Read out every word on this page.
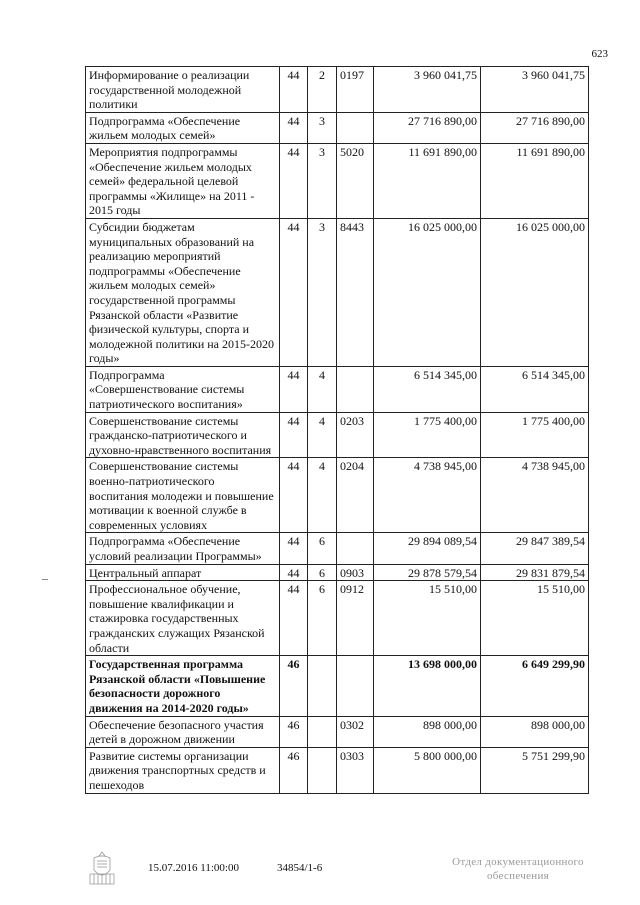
623
Информирование о реализации государственной молодежной политики	44	2	0197	3 960 041,75	3 960 041,75
Подпрограмма «Обеспечение жильем молодых семей»	44	3		27 716 890,00	27 716 890,00
Мероприятия подпрограммы «Обеспечение жильем молодых семей» федеральной целевой программы «Жилище» на 2011 - 2015 годы	44	3	5020	11 691 890,00	11 691 890,00
Субсидии бюджетам муниципальных образований на реализацию мероприятий подпрограммы «Обеспечение жильем молодых семей» государственной программы Рязанской области «Развитие физической культуры, спорта и молодежной политики на 2015-2020 годы»	44	3	8443	16 025 000,00	16 025 000,00
Подпрограмма «Совершенствование системы патриотического воспитания»	44	4		6 514 345,00	6 514 345,00
Совершенствование системы гражданско-патриотического и духовно-нравственного воспитания	44	4	0203	1 775 400,00	1 775 400,00
Совершенствование системы военно-патриотического воспитания молодежи и повышение мотивации к военной службе в современных условиях	44	4	0204	4 738 945,00	4 738 945,00
Подпрограмма «Обеспечение условий реализации Программы»	44	6		29 894 089,54	29 847 389,54
Центральный аппарат	44	6	0903	29 878 579,54	29 831 879,54
Профессиональное обучение, повышение квалификации и стажировка государственных гражданских служащих Рязанской области	44	6	0912	15 510,00	15 510,00
Государственная программа Рязанской области «Повышение безопасности дорожного движения на 2014-2020 годы»	46			13 698 000,00	6 649 299,90
Обеспечение безопасного участия детей в дорожном движении	46		0302	898 000,00	898 000,00
Развитие системы организации движения транспортных средств и пешеходов	46		0303	5 800 000,00	5 751 299,90
15.07.2016 11:00:00	34854/1-6	Отдел документационного
обеспечения
